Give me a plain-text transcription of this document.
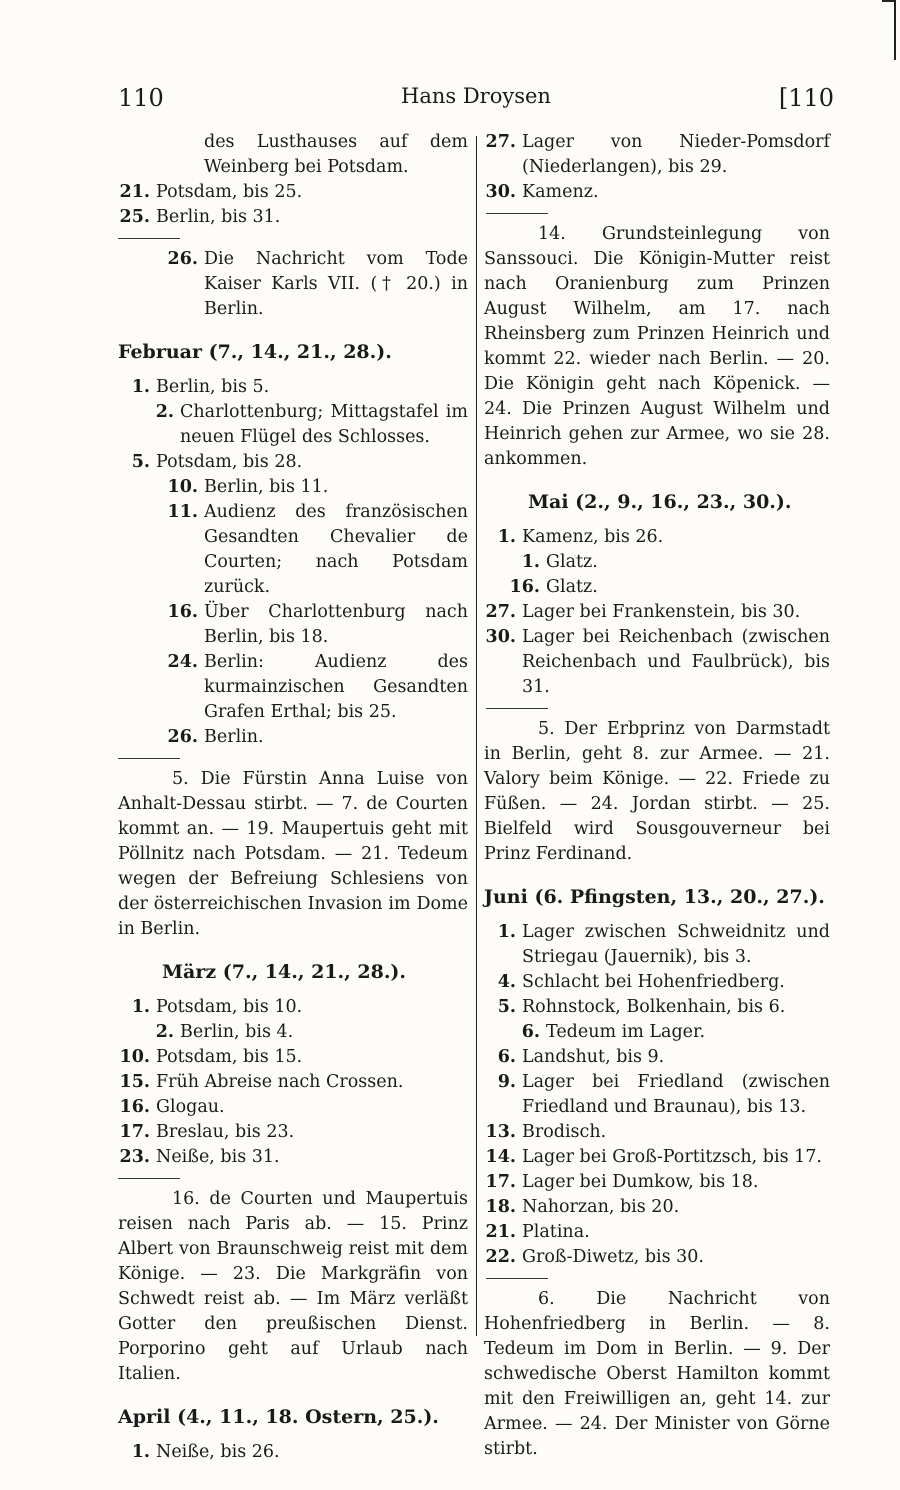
110	Hans Droysen	[110
des Lusthauses auf dem Weinberg bei Potsdam.
21. Potsdam, bis 25.
25. Berlin, bis 31.
26. Die Nachricht vom Tode Kaiser Karls VII. († 20.) in Berlin.
Februar (7., 14., 21., 28.).
1. Berlin, bis 5.
2. Charlottenburg; Mittagstafel im neuen Flügel des Schlosses.
5. Potsdam, bis 28.
10. Berlin, bis 11.
11. Audienz des französischen Gesandten Chevalier de Courten; nach Potsdam zurück.
16. Über Charlottenburg nach Berlin, bis 18.
24. Berlin: Audienz des kurmainzischen Gesandten Grafen Erthal; bis 25.
26. Berlin.
5. Die Fürstin Anna Luise von Anhalt-Dessau stirbt. — 7. de Courten kommt an. — 19. Maupertuis geht mit Pöllnitz nach Potsdam. — 21. Tedeum wegen der Befreiung Schlesiens von der österreichischen Invasion im Dome in Berlin.
März (7., 14., 21., 28.).
1. Potsdam, bis 10.
2. Berlin, bis 4.
10. Potsdam, bis 15.
15. Früh Abreise nach Crossen.
16. Glogau.
17. Breslau, bis 23.
23. Neiße, bis 31.
16. de Courten und Maupertuis reisen nach Paris ab. — 15. Prinz Albert von Braunschweig reist mit dem Könige. — 23. Die Markgräfin von Schwedt reist ab. — Im März verläßt Gotter den preußischen Dienst. Porporino geht auf Urlaub nach Italien.
April (4., 11., 18. Ostern, 25.).
1. Neiße, bis 26.
27. Lager von Nieder-Pomsdorf (Niederlangen), bis 29.
30. Kamenz.
14. Grundsteinlegung von Sanssouci. Die Königin-Mutter reist nach Oranienburg zum Prinzen August Wilhelm, am 17. nach Rheinsberg zum Prinzen Heinrich und kommt 22. wieder nach Berlin. — 20. Die Königin geht nach Köpenick. — 24. Die Prinzen August Wilhelm und Heinrich gehen zur Armee, wo sie 28. ankommen.
Mai (2., 9., 16., 23., 30.).
1. Kamenz, bis 26.
1. Glatz.
16. Glatz.
27. Lager bei Frankenstein, bis 30.
30. Lager bei Reichenbach (zwischen Reichenbach und Faulbrück), bis 31.
5. Der Erbprinz von Darmstadt in Berlin, geht 8. zur Armee. — 21. Valory beim Könige. — 22. Friede zu Füßen. — 24. Jordan stirbt. — 25. Bielfeld wird Sousgouverneur bei Prinz Ferdinand.
Juni (6. Pfingsten, 13., 20., 27.).
1. Lager zwischen Schweidnitz und Striegau (Jauernik), bis 3.
4. Schlacht bei Hohenfriedberg.
5. Rohnstock, Bolkenhain, bis 6.
6. Tedeum im Lager.
6. Landshut, bis 9.
9. Lager bei Friedland (zwischen Friedland und Braunau), bis 13.
13. Brodisch.
14. Lager bei Groß-Portitzsch, bis 17.
17. Lager bei Dumkow, bis 18.
18. Nahorzan, bis 20.
21. Platina.
22. Groß-Diwetz, bis 30.
6. Die Nachricht von Hohenfriedberg in Berlin. — 8. Tedeum im Dom in Berlin. — 9. Der schwedische Oberst Hamilton kommt mit den Freiwilligen an, geht 14. zur Armee. — 24. Der Minister von Görne stirbt.
